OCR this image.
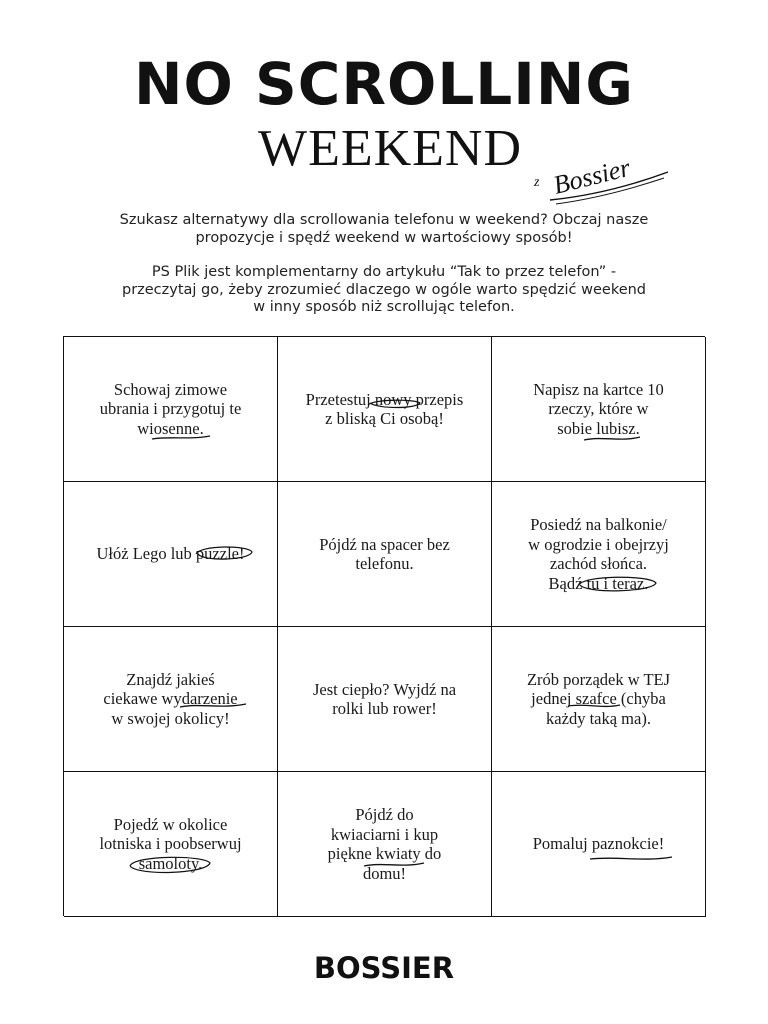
NO SCROLLING
WEEKEND
z Bossier
Szukasz alternatywy dla scrollowania telefonu w weekend? Obczaj nasze
propozycje i spędź weekend w wartościowy sposób!
PS Plik jest komplementarny do artykułu “Tak to przez telefon” -
przeczytaj go, żeby zrozumieć dlaczego w ogóle warto spędzić weekend
w inny sposób niż scrollując telefon.
Schowaj zimowe
ubrania i przygotuj te
wiosenne.
Przetestuj nowy przepis
z bliską Ci osobą!
Napisz na kartce 10
rzeczy, które w
sobie lubisz.
Ułóż Lego lub puzzle!
Pójdź na spacer bez
telefonu.
Posiedź na balkonie/
w ogrodzie i obejrzyj
zachód słońca.
Bądź tu i teraz.
Znajdź jakieś
ciekawe wydarzenie
w swojej okolicy!
Jest ciepło? Wyjdź na
rolki lub rower!
Zrób porządek w TEJ
jednej szafce (chyba
każdy taką ma).
Pojedź w okolice
lotniska i poobserwuj
samoloty.
Pójdź do
kwiaciarni i kup
piękne kwiaty do
domu!
Pomaluj paznokcie!
BOSSIER
